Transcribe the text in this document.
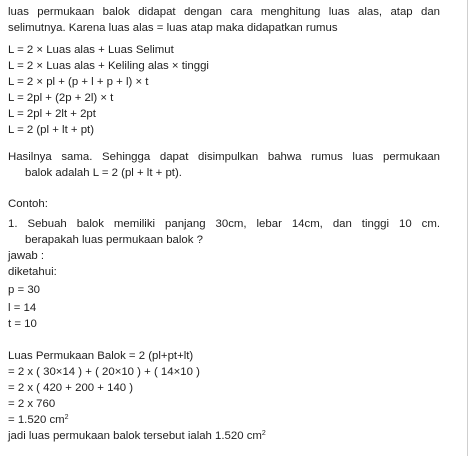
luas permukaan balok didapat dengan cara menghitung luas alas, atap dan
selimutnya. Karena luas alas = luas atap maka didapatkan rumus
L = 2 × Luas alas + Luas Selimut
L = 2 × Luas alas + Keliling alas × tinggi
L = 2 × pl + (p + l + p + l) × t
L = 2pl + (2p + 2l) × t
L = 2pl + 2lt + 2pt
L = 2 (pl + lt + pt)
Hasilnya sama. Sehingga dapat disimpulkan bahwa rumus luas permukaan
balok adalah L = 2 (pl + lt + pt).
Contoh:
1. Sebuah balok memiliki panjang 30cm, lebar 14cm, dan tinggi 10 cm.
berapakah luas permukaan balok ?
jawab :
diketahui:
p = 30
l = 14
t = 10
Luas Permukaan Balok = 2 (pl+pt+lt)
= 2 x ( 30×14 ) + ( 20×10 ) + ( 14×10 )
= 2 x ( 420 + 200 + 140 )
= 2 x 760
= 1.520 $cm^2$
jadi luas permukaan balok tersebut ialah 1.520 $cm^2$
